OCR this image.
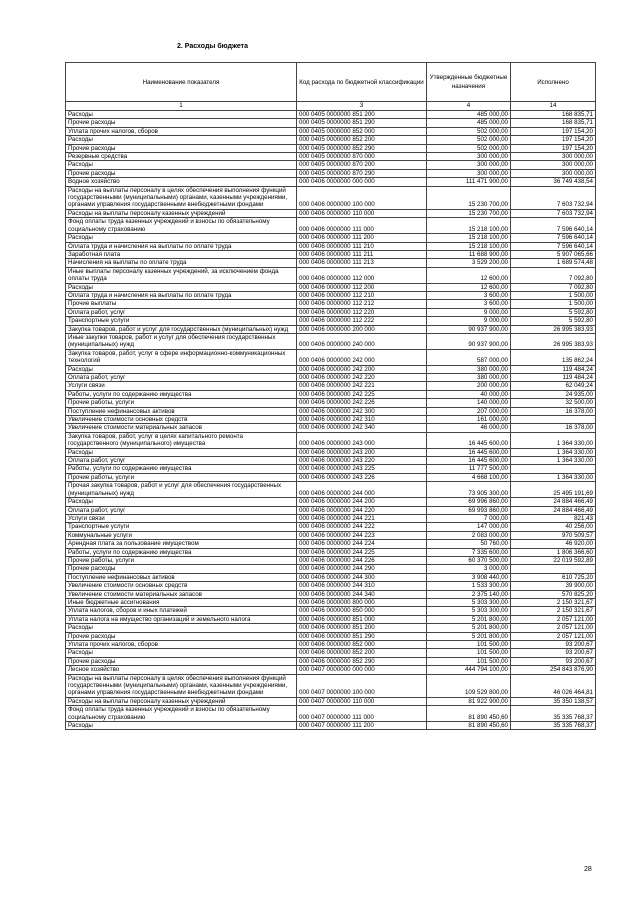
2. Расходы бюджета
Наименование показателя	Код расхода по бюджетной классификации	Утвержденные бюджетные назначения	Исполнено
1	3	4	14
Расходы	000 0405 0000000 851 200	485 000,00	168 835,71
Прочие расходы	000 0405 0000000 851 290	485 000,00	168 835,71
Уплата прочих налогов, сборов	000 0405 0000000 852 000	502 000,00	197 154,20
Расходы	000 0405 0000000 852 200	502 000,00	197 154,20
Прочие расходы	000 0405 0000000 852 290	502 000,00	197 154,20
Резервные средства	000 0405 0000000 870 000	300 000,00	300 000,00
Расходы	000 0405 0000000 870 200	300 000,00	300 000,00
Прочие расходы	000 0405 0000000 870 290	300 000,00	300 000,00
Водное хозяйство	000 0406 0000000 000 000	111 471 900,00	36 749 438,54
Расходы на выплаты персоналу в целях обеспечения выполнения функций государственными (муниципальными) органами, казенными учреждениями, органами управления государственными внебюджетными фондами	000 0406 0000000 100 000	15 230 700,00	7 603 732,94
Расходы на выплаты персоналу казенных учреждений	000 0406 0000000 110 000	15 230 700,00	7 603 732,94
Фонд оплаты труда казенных учреждений и взносы по обязательному социальному страхованию	000 0406 0000000 111 000	15 218 100,00	7 596 640,14
Расходы	000 0406 0000000 111 200	15 218 100,00	7 596 640,14
Оплата труда и начисления на выплаты по оплате труда	000 0406 0000000 111 210	15 218 100,00	7 596 640,14
Заработная плата	000 0406 0000000 111 211	11 688 900,00	5 907 065,66
Начисления на выплаты по оплате труда	000 0406 0000000 111 213	3 529 200,00	1 689 574,48
Иные выплаты персоналу казенных учреждений, за исключением фонда оплаты труда	000 0406 0000000 112 000	12 600,00	7 092,80
Расходы	000 0406 0000000 112 200	12 600,00	7 092,80
Оплата труда и начисления на выплаты по оплате труда	000 0406 0000000 112 210	3 600,00	1 500,00
Прочие выплаты	000 0406 0000000 112 212	3 600,00	1 500,00
Оплата работ, услуг	000 0406 0000000 112 220	9 000,00	5 592,80
Транспортные услуги	000 0406 0000000 112 222	9 000,00	5 592,80
Закупка товаров, работ и услуг для государственных (муниципальных) нужд	000 0406 0000000 200 000	90 937 900,00	26 995 383,93
Иные закупки товаров, работ и услуг для обеспечения государственных (муниципальных) нужд	000 0406 0000000 240 000	90 937 900,00	26 995 383,93
Закупка товаров, работ, услуг в сфере информационно-коммуникационных технологий	000 0406 0000000 242 000	587 000,00	135 862,24
Расходы	000 0406 0000000 242 200	380 000,00	119 484,24
Оплата работ, услуг	000 0406 0000000 242 220	380 000,00	119 484,24
Услуги связи	000 0406 0000000 242 221	200 000,00	62 049,24
Работы, услуги по содержанию имущества	000 0406 0000000 242 225	40 000,00	24 935,00
Прочие работы, услуги	000 0406 0000000 242 226	140 000,00	32 500,00
Поступление нефинансовых активов	000 0406 0000000 242 300	207 000,00	16 378,00
Увеличение стоимости основных средств	000 0406 0000000 242 310	161 000,00	
Увеличение стоимости материальных запасов	000 0406 0000000 242 340	46 000,00	16 378,00
Закупка товаров, работ, услуг в целях капитального ремонта государственного (муниципального) имущества	000 0406 0000000 243 000	16 445 600,00	1 364 330,00
Расходы	000 0406 0000000 243 200	16 445 600,00	1 364 330,00
Оплата работ, услуг	000 0406 0000000 243 220	16 445 600,00	1 364 330,00
Работы, услуги по содержанию имущества	000 0406 0000000 243 225	11 777 500,00	
Прочие работы, услуги	000 0406 0000000 243 226	4 668 100,00	1 364 330,00
Прочая закупка товаров, работ и услуг для обеспечения государственных (муниципальных) нужд	000 0406 0000000 244 000	73 905 300,00	25 495 191,69
Расходы	000 0406 0000000 244 200	69 996 860,00	24 884 466,49
Оплата работ, услуг	000 0406 0000000 244 220	69 993 860,00	24 884 466,49
Услуги связи	000 0406 0000000 244 221	7 000,00	821,43
Транспортные услуги	000 0406 0000000 244 222	147 000,00	40 256,00
Коммунальные услуги	000 0406 0000000 244 223	2 083 000,00	970 509,57
Арендная плата за пользование имуществом	000 0406 0000000 244 224	50 760,00	46 920,00
Работы, услуги по содержанию имущества	000 0406 0000000 244 225	7 335 600,00	1 806 366,60
Прочие работы, услуги	000 0406 0000000 244 226	60 370 500,00	22 019 592,89
Прочие расходы	000 0406 0000000 244 290	3 000,00	
Поступление нефинансовых активов	000 0406 0000000 244 300	3 908 440,00	610 725,20
Увеличение стоимости основных средств	000 0406 0000000 244 310	1 533 300,00	39 900,00
Увеличение стоимости материальных запасов	000 0406 0000000 244 340	2 375 140,00	570 825,20
Иные бюджетные ассигнования	000 0406 0000000 800 000	5 303 300,00	2 150 321,67
Уплата налогов, сборов и иных платежей	000 0406 0000000 850 000	5 303 300,00	2 150 321,67
Уплата налога на имущество организаций и земельного налога	000 0406 0000000 851 000	5 201 800,00	2 057 121,00
Расходы	000 0406 0000000 851 200	5 201 800,00	2 057 121,00
Прочие расходы	000 0406 0000000 851 290	5 201 800,00	2 057 121,00
Уплата прочих налогов, сборов	000 0406 0000000 852 000	101 500,00	93 200,67
Расходы	000 0406 0000000 852 200	101 500,00	93 200,67
Прочие расходы	000 0406 0000000 852 290	101 500,00	93 200,67
Лесное хозяйство	000 0407 0000000 000 000	444 794 100,00	254 843 876,90
Расходы на выплаты персоналу в целях обеспечения выполнения функций государственными (муниципальными) органами, казенными учреждениями, органами управления государственными внебюджетными фондами	000 0407 0000000 100 000	109 529 800,00	46 026 464,81
Расходы на выплаты персоналу казенных учреждений	000 0407 0000000 110 000	81 922 900,00	35 350 138,57
Фонд оплаты труда казенных учреждений и взносы по обязательному социальному страхованию	000 0407 0000000 111 000	81 890 450,60	35 335 768,37
Расходы	000 0407 0000000 111 200	81 890 450,60	35 335 768,37
28
